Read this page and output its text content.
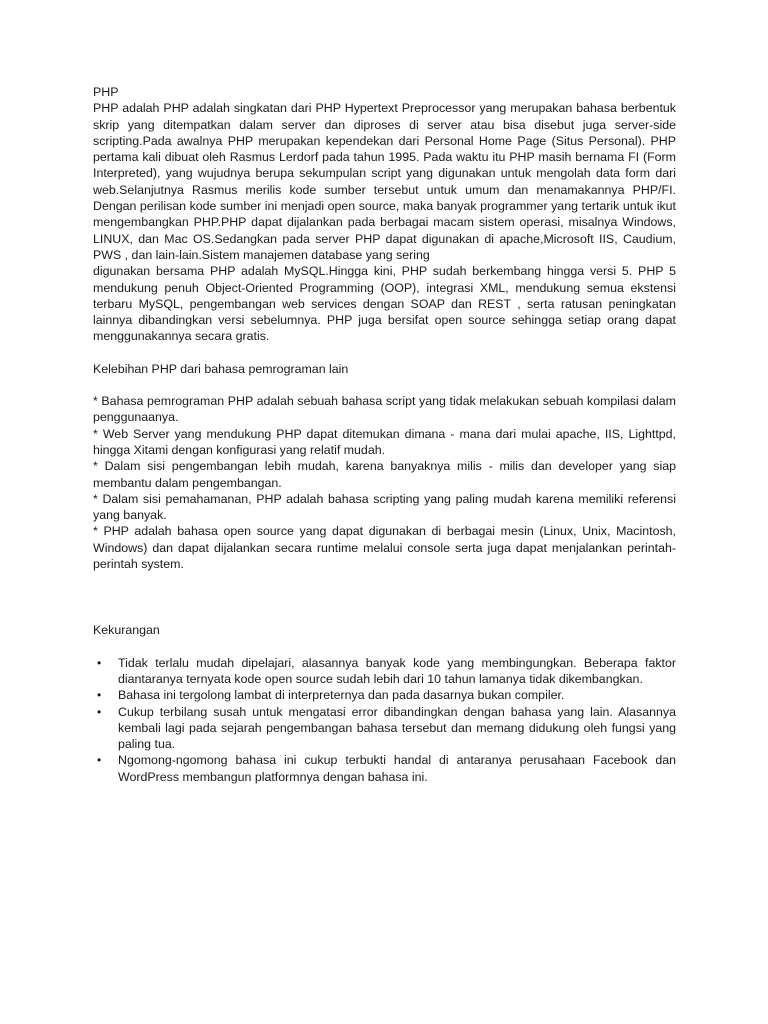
PHP

PHP adalah PHP adalah singkatan dari PHP Hypertext Preprocessor yang merupakan bahasa berbentuk skrip yang ditempatkan dalam server dan diproses di server atau bisa disebut juga server-side scripting.Pada awalnya PHP merupakan kependekan dari Personal Home Page (Situs Personal). PHP pertama kali dibuat oleh Rasmus Lerdorf pada tahun 1995. Pada waktu itu PHP masih bernama FI (Form Interpreted), yang wujudnya berupa sekumpulan script yang digunakan untuk mengolah data form dari web.Selanjutnya Rasmus merilis kode sumber tersebut untuk umum dan menamakannya PHP/FI. Dengan perilisan kode sumber ini menjadi open source, maka banyak programmer yang tertarik untuk ikut mengembangkan PHP.PHP dapat dijalankan pada berbagai macam sistem operasi, misalnya Windows, LINUX, dan Mac OS.Sedangkan pada server PHP dapat digunakan di apache,Microsoft IIS, Caudium, PWS , dan lain-lain.Sistem manajemen database yang sering

digunakan bersama PHP adalah MySQL.Hingga kini, PHP sudah berkembang hingga versi 5. PHP 5 mendukung penuh Object-Oriented Programming (OOP), integrasi XML, mendukung semua ekstensi terbaru MySQL, pengembangan web services dengan SOAP dan REST , serta ratusan peningkatan lainnya dibandingkan versi sebelumnya. PHP juga bersifat open source sehingga setiap orang dapat menggunakannya secara gratis.

Kelebihan PHP dari bahasa pemrograman lain

* Bahasa pemrograman PHP adalah sebuah bahasa script yang tidak melakukan sebuah kompilasi dalam penggunaanya.
* Web Server yang mendukung PHP dapat ditemukan dimana - mana dari mulai apache, IIS, Lighttpd, hingga Xitami dengan konfigurasi yang relatif mudah.
* Dalam sisi pengembangan lebih mudah, karena banyaknya milis - milis dan developer yang siap membantu dalam pengembangan.
* Dalam sisi pemahamanan, PHP adalah bahasa scripting yang paling mudah karena memiliki referensi yang banyak.
* PHP adalah bahasa open source yang dapat digunakan di berbagai mesin (Linux, Unix, Macintosh, Windows) dan dapat dijalankan secara runtime melalui console serta juga dapat menjalankan perintah-perintah system.

Kekurangan

• Tidak terlalu mudah dipelajari, alasannya banyak kode yang membingungkan. Beberapa faktor diantaranya ternyata kode open source sudah lebih dari 10 tahun lamanya tidak dikembangkan.
• Bahasa ini tergolong lambat di interpreternya dan pada dasarnya bukan compiler.
• Cukup terbilang susah untuk mengatasi error dibandingkan dengan bahasa yang lain. Alasannya kembali lagi pada sejarah pengembangan bahasa tersebut dan memang didukung oleh fungsi yang paling tua.
• Ngomong-ngomong bahasa ini cukup terbukti handal di antaranya perusahaan Facebook dan WordPress membangun platformnya dengan bahasa ini.
